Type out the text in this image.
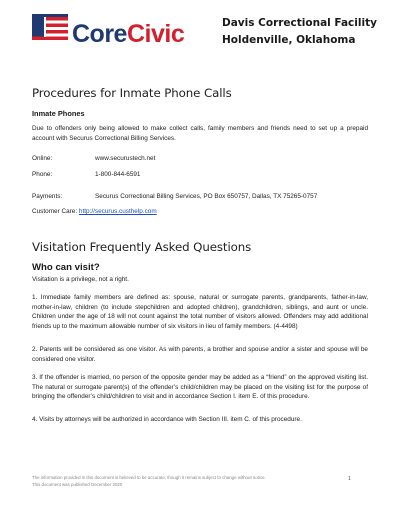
CoreCivic	Davis Correctional Facility
Holdenville, Oklahoma
Procedures for Inmate Phone Calls
Inmate Phones
Due to offenders only being allowed to make collect calls, family members and friends need to set up a prepaid account with Securus Correctional Billing Services.
Online:	www.securustech.net
Phone:	1-800-844-6591
Payments:	Securus Correctional Billing Services, PO Box 650757, Dallas, TX 75265-0757
Customer Care: http://securus.custhelp.com
Visitation Frequently Asked Questions
Who can visit?
Visitation is a privilege, not a right.
1. Immediate family members are defined as: spouse, natural or surrogate parents, grandparents, father-in-law, mother-in-law, children (to include stepchildren and adopted children), grandchildren, siblings, and aunt or uncle. Children under the age of 18 will not count against the total number of visitors allowed. Offenders may add additional friends up to the maximum allowable number of six visitors in lieu of family members. (4-4498)
2. Parents will be considered as one visitor. As with parents, a brother and spouse and/or a sister and spouse will be considered one visitor.
3. If the offender is married, no person of the opposite gender may be added as a “friend” on the approved visiting list. The natural or surrogate parent(s) of the offender’s child/children may be placed on the visiting list for the purpose of bringing the offender’s child/children to visit and in accordance Section I. item E. of this procedure.
4. Visits by attorneys will be authorized in accordance with Section III. item C. of this procedure.
The information provided in this document is believed to be accurate, though it remains subject to change without notice.
This document was published December 2020
1
